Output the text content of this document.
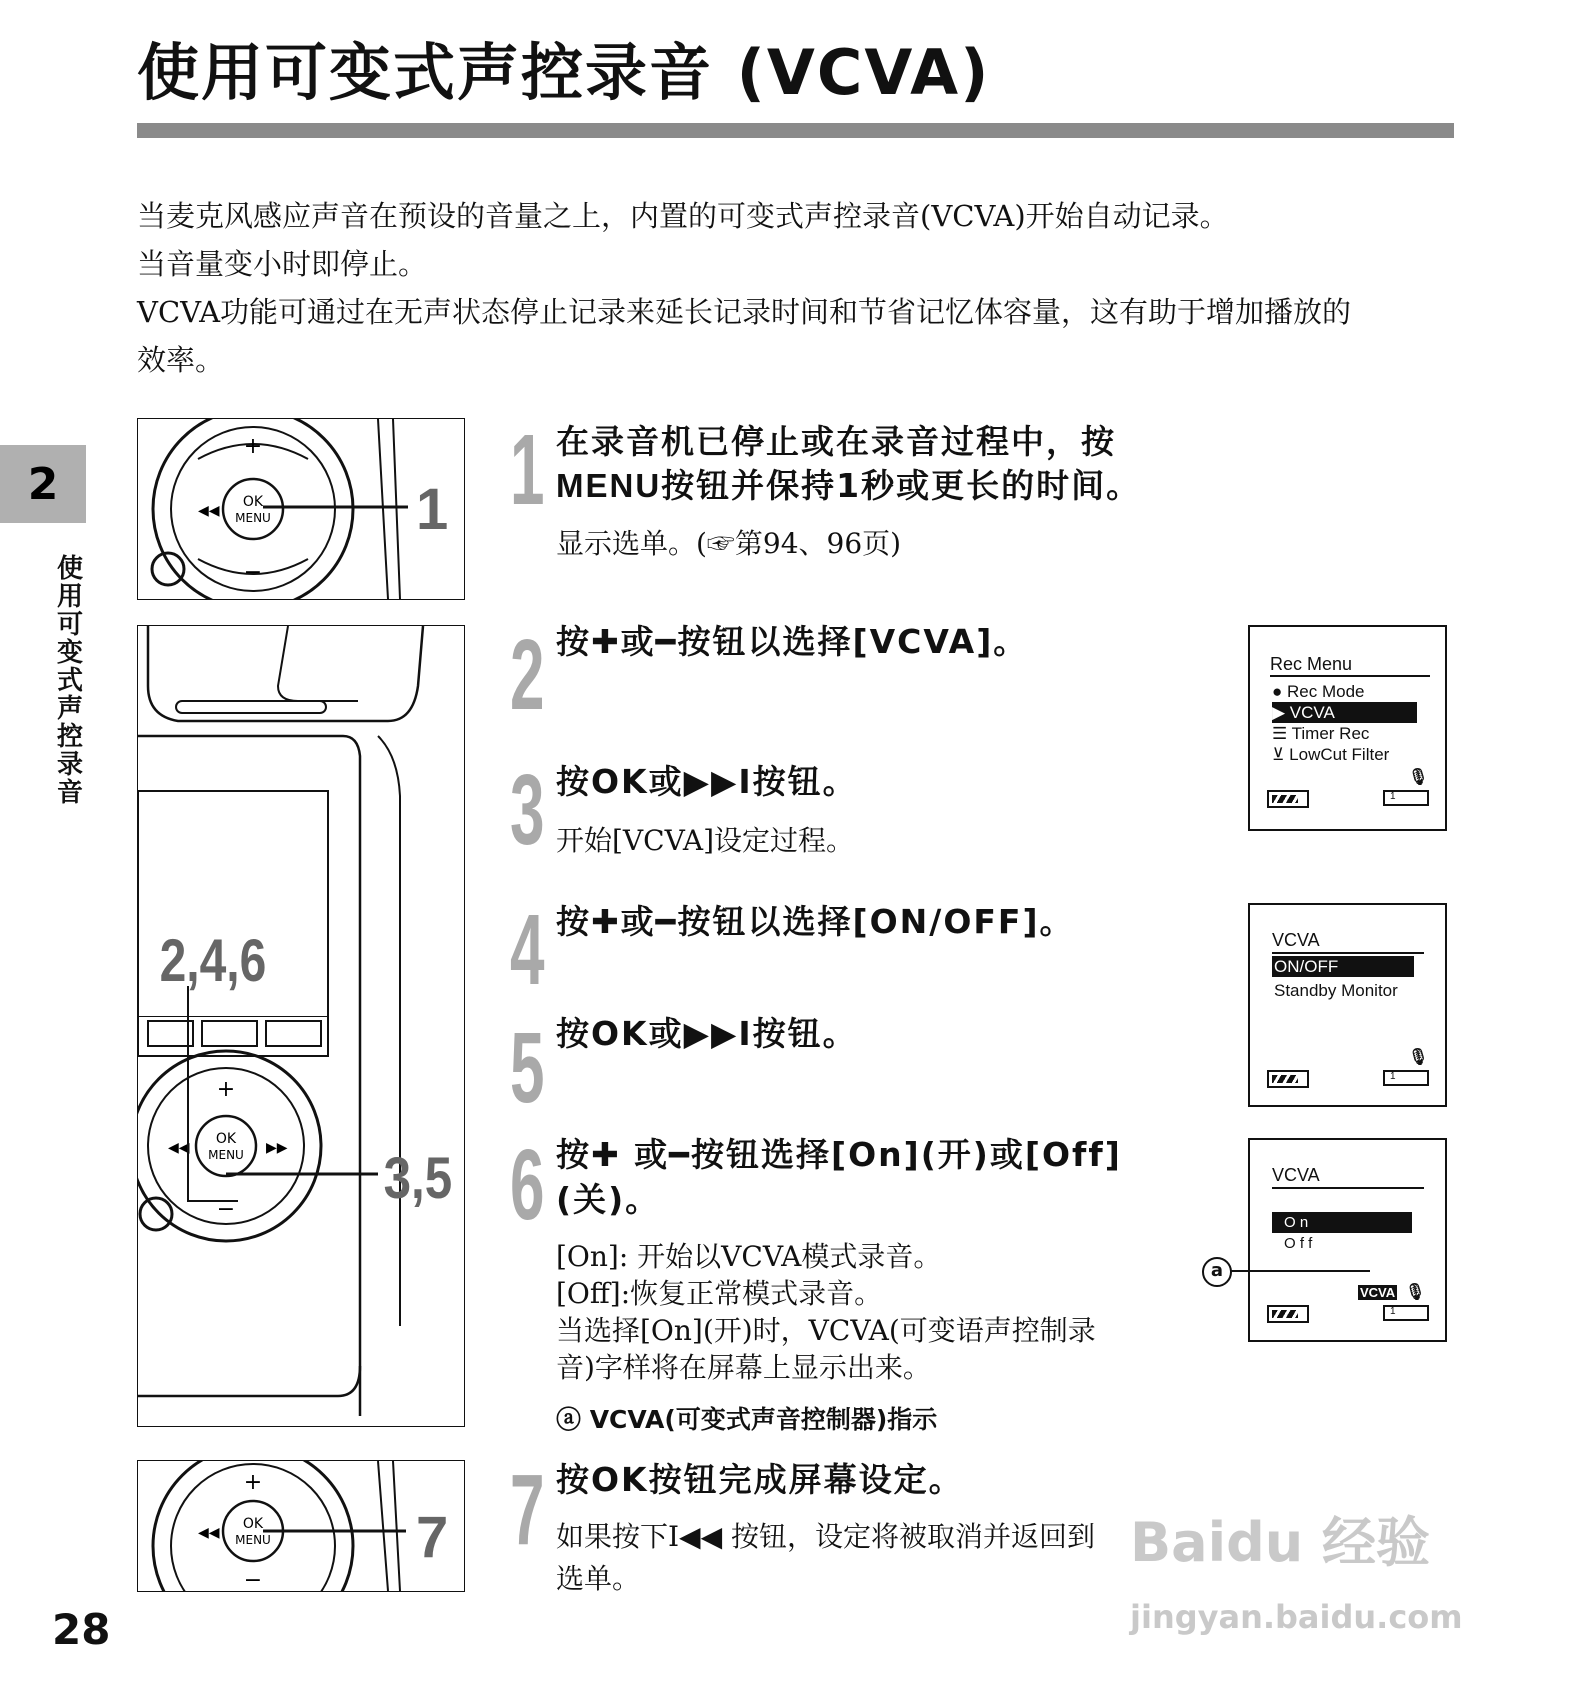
使用可变式声控录音 (VCVA)
当麦克风感应声音在预设的音量之上，内置的可变式声控录音(VCVA)开始自动记录。
当音量变小时即停止。
VCVA功能可通过在无声状态停止记录来延长记录时间和节省记忆体容量，这有助于增加播放的
效率。
2
使
用
可
变
式
声
控
录
音
+
−
◀◀
OK
MENU	1
+
−
◀◀	▶▶
OK
MENU
2,4,6
3,5
+
◀◀
OK
MENU
−
7
1 在录音机已停止或在录音过程中，按
MENU按钮并保持1秒或更长的时间。
显示选单。(☞第94、96页)
2 按✚或━按钮以选择[VCVA]。
3 按OK或▶▶I按钮。
开始[VCVA]设定过程。
4 按✚或━按钮以选择[ON/OFF]。
5 按OK或▶▶I按钮。
6 按✚ 或━按钮选择[On](开)或[Off]
(关)。
[On]: 开始以VCVA模式录音。
[Off]:恢复正常模式录音。
当选择[On](开)时，VCVA(可变语声控制录
音)字样将在屏幕上显示出来。
ⓐ VCVA(可变式声音控制器)指示
7 按OK按钮完成屏幕设定。
如果按下I◀◀ 按钮，设定将被取消并返回到
选单。
Rec Menu
● Rec Mode
▶ VCVA
☰ Timer Rec
⊻ LowCut Filter
🎙
1
VCVA
ON/OFF
Standby Monitor
🎙
1
VCVA
O n
O f f
VCVA 🎙
1
a
28
Baidu 经验
jingyan.baidu.com
